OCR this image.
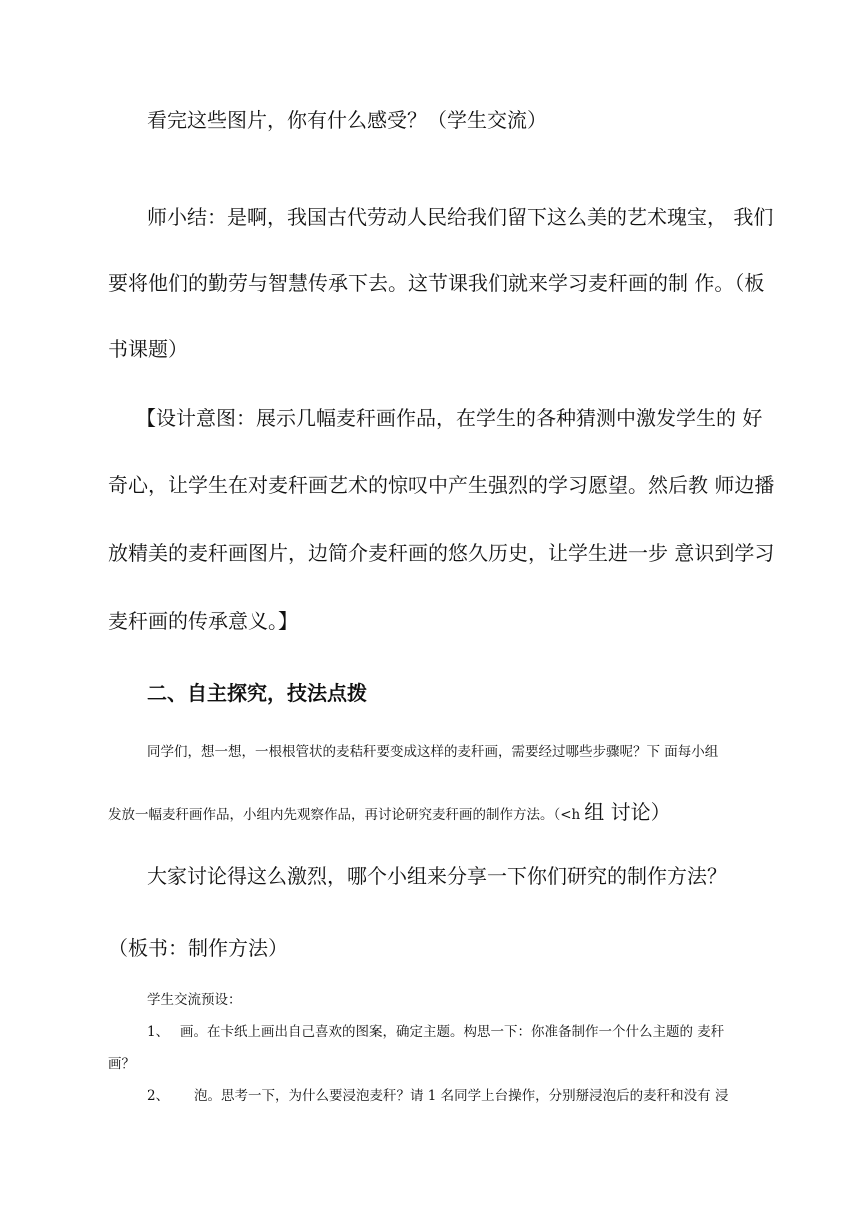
看完这些图片，你有什么感受？（学生交流）

师小结：是啊，我国古代劳动人民给我们留下这么美的艺术瑰宝， 我们

要将他们的勤劳与智慧传承下去。这节课我们就来学习麦秆画的制 作。（板

书课题）

【设计意图：展示几幅麦秆画作品，在学生的各种猜测中激发学生的 好

奇心，让学生在对麦秆画艺术的惊叹中产生强烈的学习愿望。然后教 师边播

放精美的麦秆画图片，边简介麦秆画的悠久历史，让学生进一步 意识到学习

麦秆画的传承意义。】

二、自主探究，技法点拨

同学们，想一想，一根根管状的麦秸秆要变成这样的麦秆画，需要经过哪些步骤呢？下 面每小组

发放一幅麦秆画作品，小组内先观察作品，再讨论研究麦秆画的制作方法。（<h 组 讨论）

大家讨论得这么激烈，哪个小组来分享一下你们研究的制作方法？

（板书：制作方法）

学生交流预设：

1、 画。在卡纸上画出自己喜欢的图案，确定主题。构思一下：你准备制作一个什么主题的 麦秆
画？
2、 泡。思考一下，为什么要浸泡麦秆？请 1 名同学上台操作，分别掰浸泡后的麦秆和没有 浸
